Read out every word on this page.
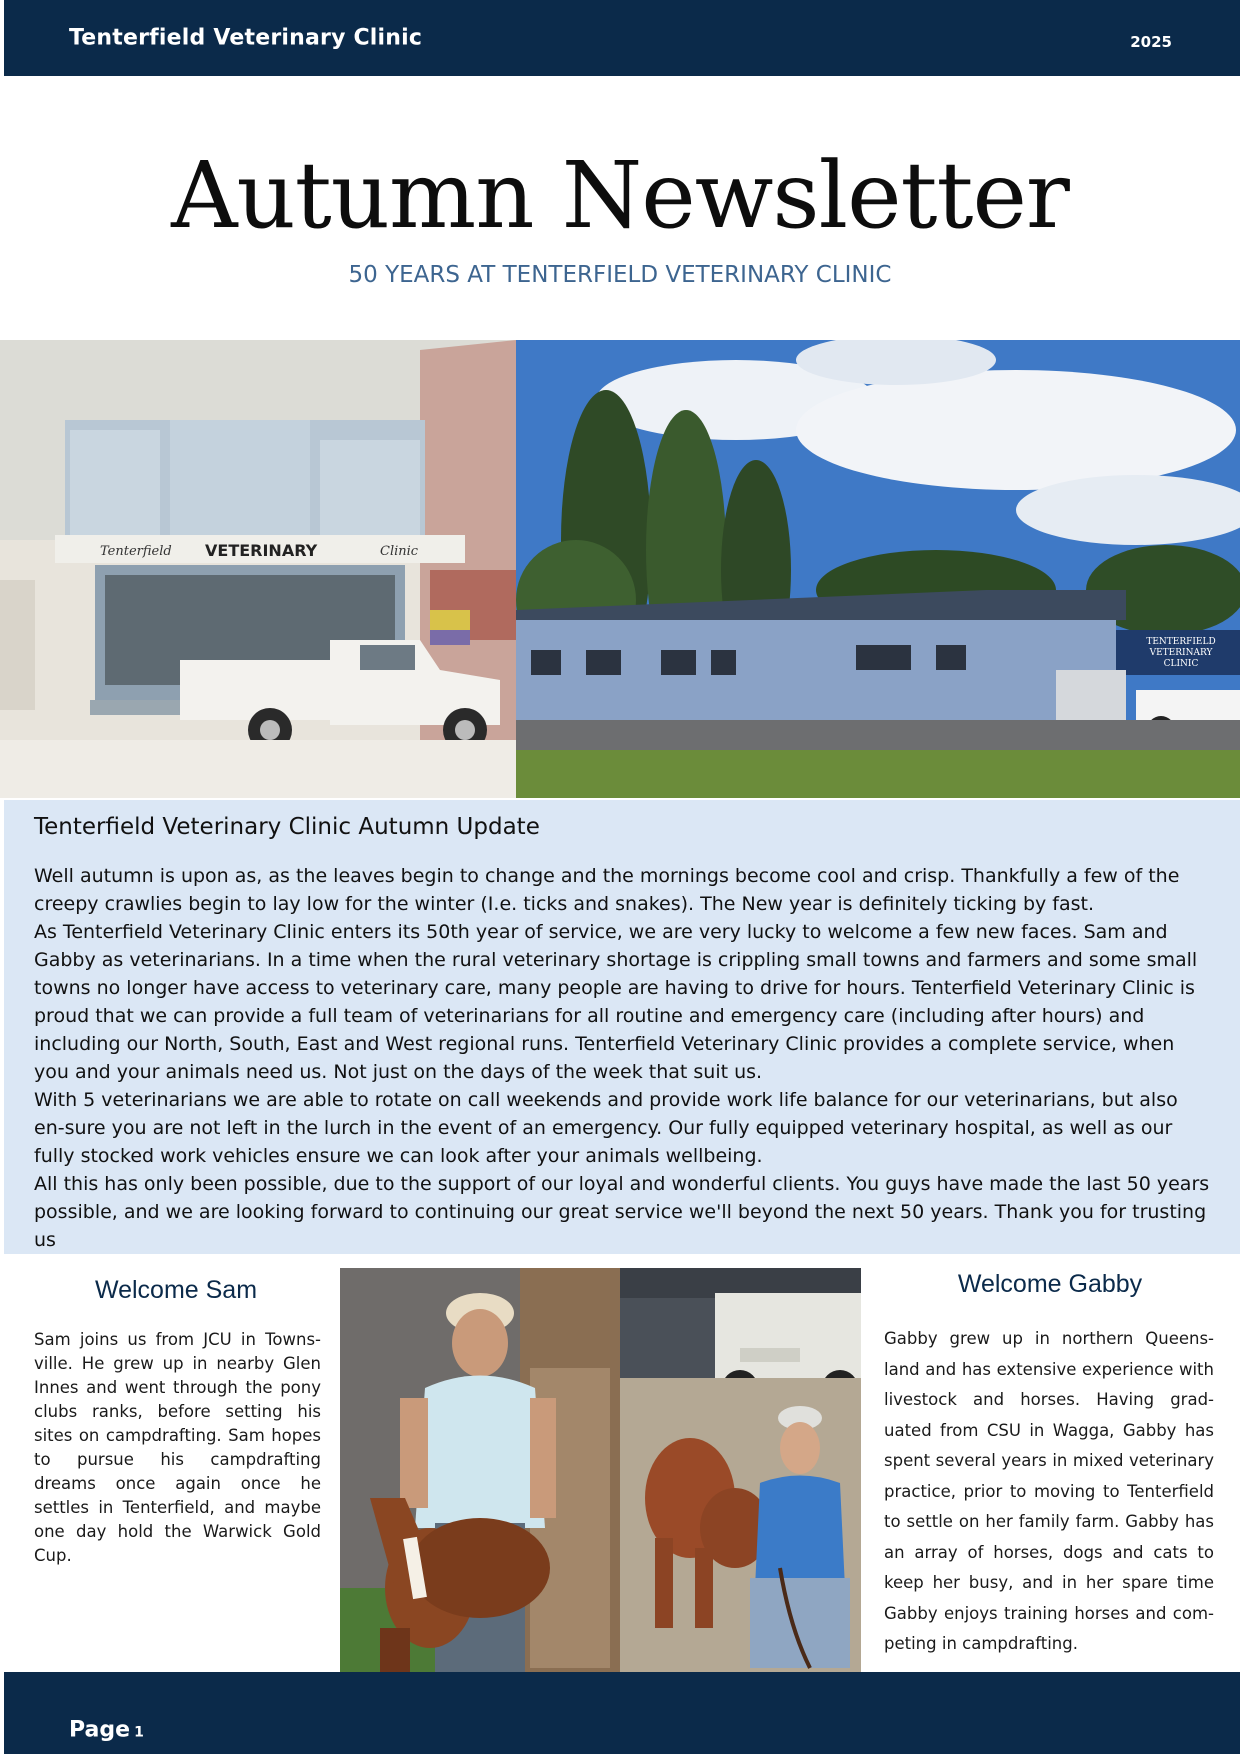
Tenterfield Veterinary Clinic	2025
Autumn Newsletter
50 YEARS AT TENTERFIELD VETERINARY CLINIC
Tenterfield VETERINARY	Clinic
TENTERFIELD
VETERINARY
CLINIC
Tenterfield Veterinary Clinic Autumn Update

Well autumn is upon as, as the leaves begin to change and the mornings become cool and crisp. Thankfully a few of the creepy crawlies begin to lay low for the winter (I.e. ticks and snakes). The New year is definitely ticking by fast.

As Tenterfield Veterinary Clinic enters its 50th year of service, we are very lucky to welcome a few new faces. Sam and Gabby as veterinarians. In a time when the rural veterinary shortage is crippling small towns and farmers and some small towns no longer have access to veterinary care, many people are having to drive for hours. Tenterfield Veterinary Clinic is proud that we can provide a full team of veterinarians for all routine and emergency care (including after hours) and including our North, South, East and West regional runs. Tenterfield Veterinary Clinic provides a complete service, when you and your animals need us. Not just on the days of the week that suit us.

With 5 veterinarians we are able to rotate on call weekends and provide work life balance for our veterinarians, but also en-sure you are not left in the lurch in the event of an emergency. Our fully equipped veterinary hospital, as well as our fully stocked work vehicles ensure we can look after your animals wellbeing.

All this has only been possible, due to the support of our loyal and wonderful clients. You guys have made the last 50 years possible, and we are looking forward to continuing our great service we'll beyond the next 50 years. Thank you for trusting us

Welcome Sam
Sam joins us from JCU in Towns-ville. He grew up in nearby Glen Innes and went through the pony clubs ranks, before setting his sites on campdrafting. Sam hopes to pursue his campdrafting dreams once again once he settles in Tenterfield, and maybe one day hold the Warwick Gold Cup.
Welcome Gabby
Gabby grew up in northern Queens-land and has extensive experience with livestock and horses. Having grad-uated from CSU in Wagga, Gabby has spent several years in mixed veterinary practice, prior to moving to Tenterfield to settle on her family farm. Gabby has an array of horses, dogs and cats to keep her busy, and in her spare time Gabby enjoys training horses and com-peting in campdrafting.
Page 1
